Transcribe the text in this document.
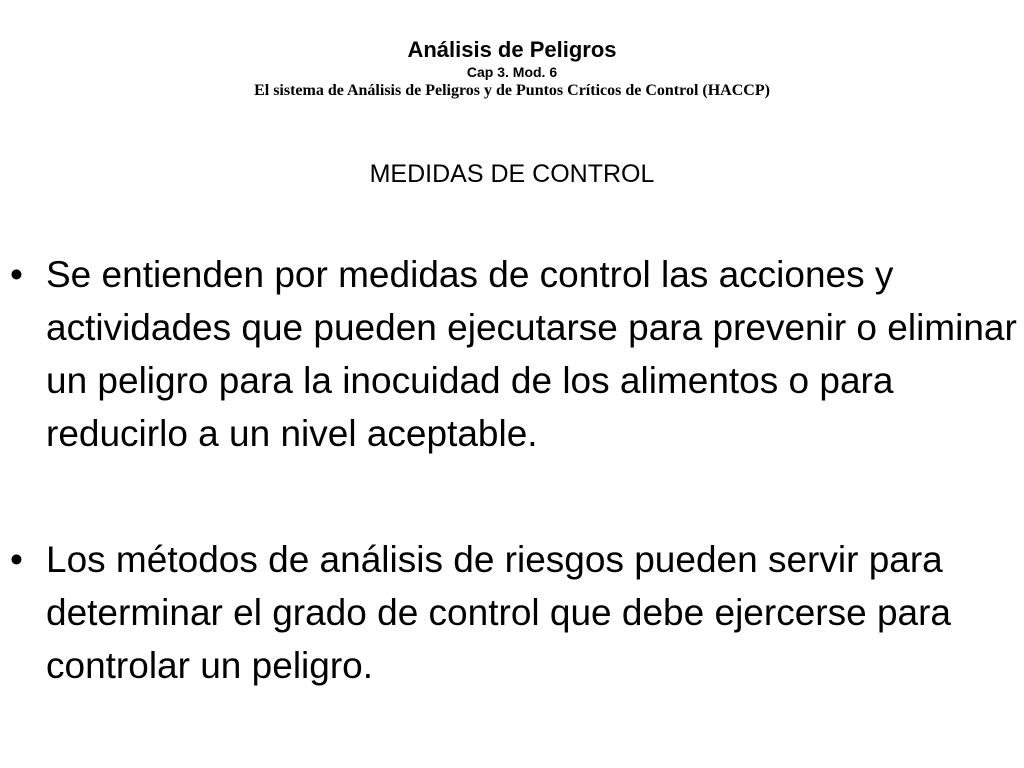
Análisis de Peligros

Cap 3. Mod. 6

El sistema de Análisis de Peligros y de Puntos Críticos de Control (HACCP)

MEDIDAS DE CONTROL

• Se entienden por medidas de control las acciones y actividades que pueden ejecutarse para prevenir o eliminar un peligro para la inocuidad de los alimentos o para reducirlo a un nivel aceptable.
• Los métodos de análisis de riesgos pueden servir para determinar el grado de control que debe ejercerse para controlar un peligro.
